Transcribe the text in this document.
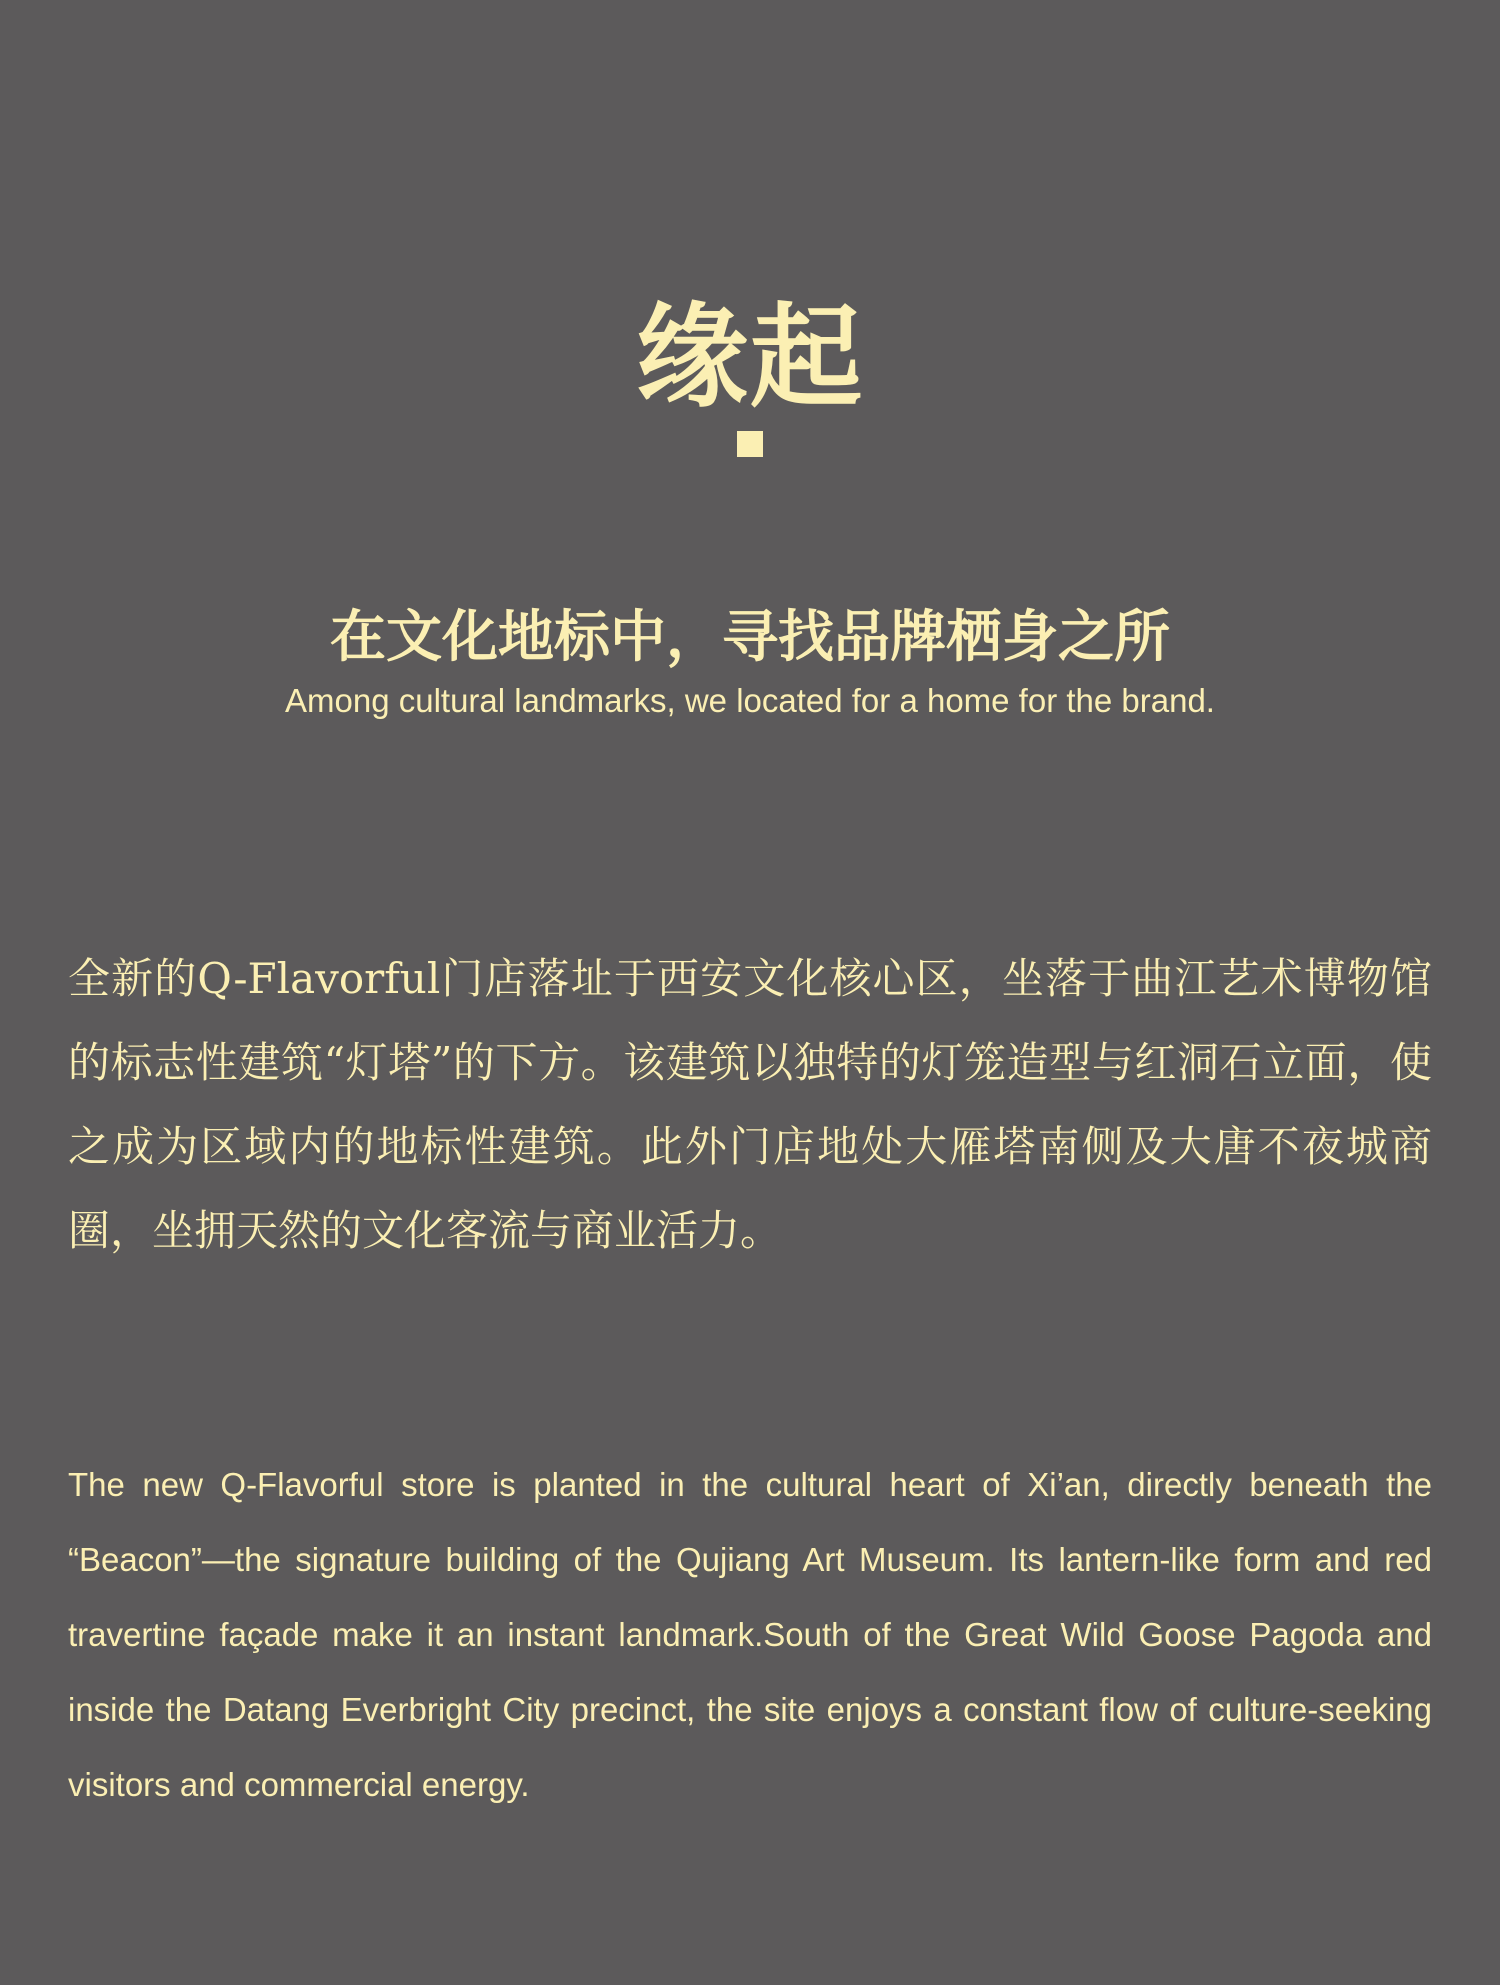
缘起
在文化地标中，寻找品牌栖身之所

Among cultural landmarks, we located for a home for the brand.

全新的Q-Flavorful门店落址于西安文化核心区，坐落于曲江艺术博物馆的标志性建筑“灯塔”的下方。该建筑以独特的灯笼造型与红洞石立面，使之成为区域内的地标性建筑。此外门店地处大雁塔南侧及大唐不夜城商圈，坐拥天然的文化客流与商业活力。

The new Q-Flavorful store is planted in the cultural heart of Xi’an, directly beneath the “Beacon”—the signature building of the Qujiang Art Museum. Its lantern-like form and red travertine façade make it an instant landmark.South of the Great Wild Goose Pagoda and inside the Datang Everbright City precinct, the site enjoys a constant flow of culture-seeking visitors and commercial energy.
